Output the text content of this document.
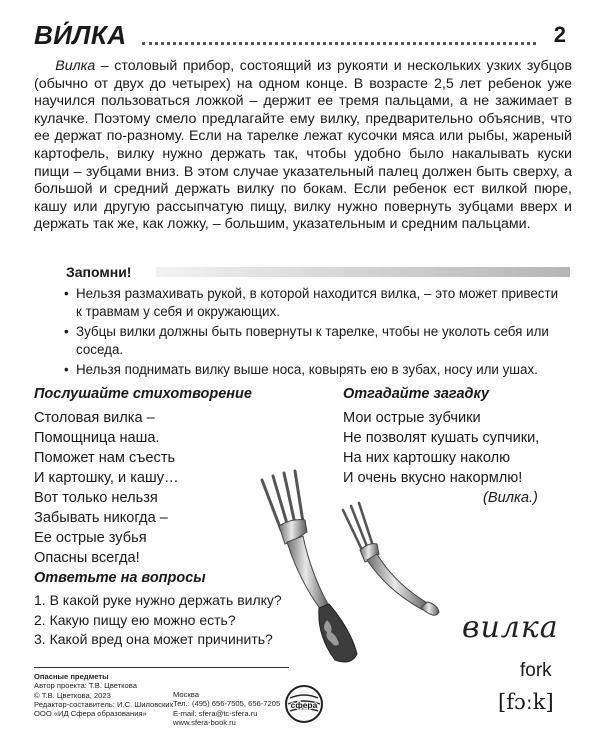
ВИ́ЛКА	2

  Вилка – столовый прибор, состоящий из рукояти и нескольких узких зубцов (обычно от двух до четырех) на одном конце. В возрасте 2,5 лет ребенок уже научился пользоваться ложкой – держит ее тремя пальцами, а не зажимает в кулачке. Поэтому смело предлагайте ему вилку, предварительно объяснив, что ее держат по-разному. Если на тарелке лежат кусочки мяса или рыбы, жареный картофель, вилку нужно держать так, чтобы удобно было накалывать куски пищи – зубцами вниз. В этом случае указательный палец должен быть сверху, а большой и средний держать вилку по бокам. Если ребенок ест вилкой пюре, кашу или другую рассыпчатую пищу, вилку нужно повернуть зубцами вверх и держать так же, как ложку, – большим, указательным и средним пальцами.

Запомни!
• Нельзя размахивать рукой, в которой находится вилка, – это может привести к травмам у себя и окружающих.
• Зубцы вилки должны быть повернуты к тарелке, чтобы не уколоть себя или соседа.
• Нельзя поднимать вилку выше носа, ковырять ею в зубах, носу или ушах.
Послушайте стихотворение
Столовая вилка –
Помощница наша.
Поможет нам съесть
И картошку, и кашу…
Вот только нельзя
Забывать никогда –
Ее острые зубья
Опасны всегда!
Отгадайте загадку
Мои острые зубчики
Не позволят кушать супчики,
На них картошку наколю
И очень вкусно накормлю!
(Вилка.)
Ответьте на вопросы
1. В какой руке нужно держать вилку?
2. Какую пищу ею можно есть?
3. Какой вред она может причинить?	вилка
fork
[fɔːk]
Опасные предметы
Автор проекта: Т.В. Цветкова
© Т.В. Цветкова, 2023
Редактор-составитель: И.С. Шиловских
ООО «ИД Сфера образования»
Москва
Тел.: (495) 656-7505, 656-7205
E-mail: sfera@tc-sfera.ru
www.sfera-book.ru
сфера
